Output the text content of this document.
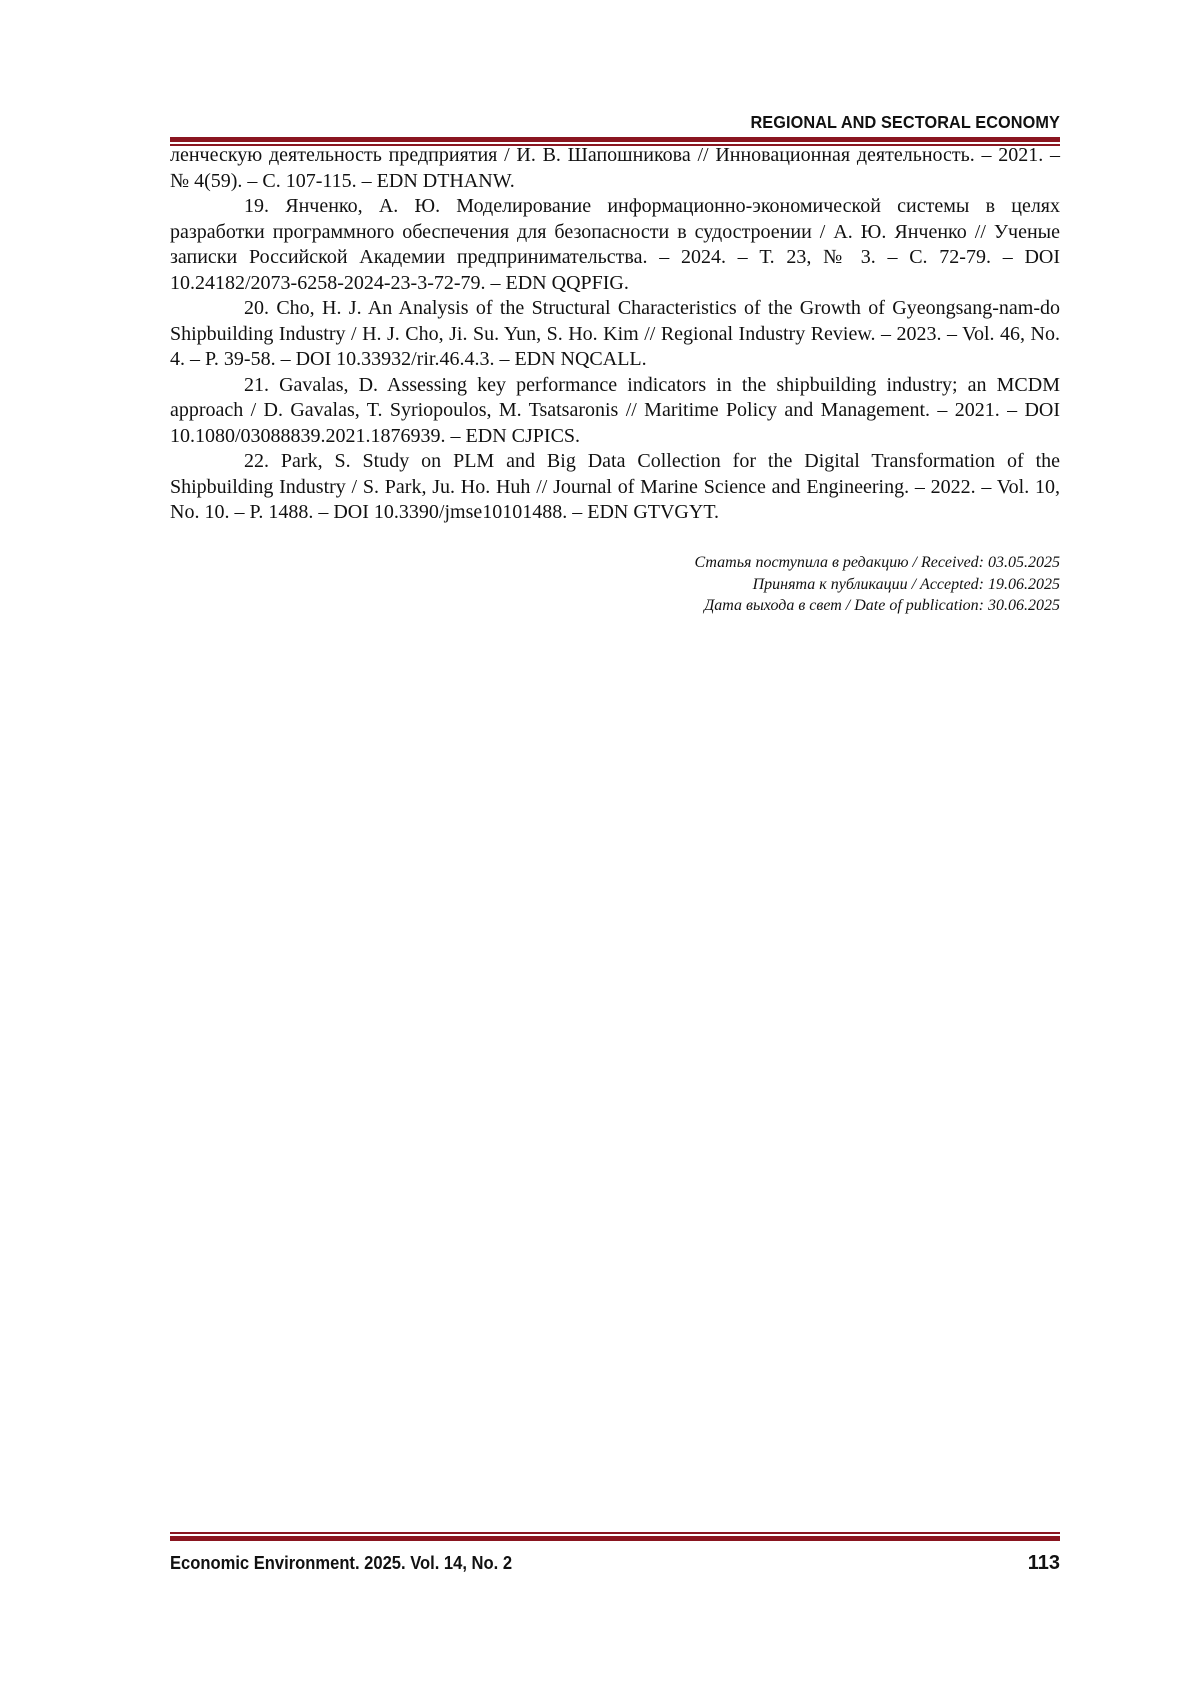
REGIONAL AND SECTORAL ECONOMY

ленческую деятельность предприятия / И. В. Шапошникова // Инновационная деятельность. – 2021. – № 4(59). – С. 107-115. – EDN DTHANW.

19. Янченко, А. Ю. Моделирование информационно-экономической системы в целях разработки программного обеспечения для безопасности в судостроении / А. Ю. Янченко // Ученые записки Российской Академии предпринимательства. – 2024. – Т. 23, № 3. – С. 72-79. – DOI 10.24182/2073-6258-2024-23-3-72-79. – EDN QQPFIG.

20. Cho, H. J. An Analysis of the Structural Characteristics of the Growth of Gyeongsang-nam-do Shipbuilding Industry / H. J. Cho, Ji. Su. Yun, S. Ho. Kim // Regional Industry Review. – 2023. – Vol. 46, No. 4. – P. 39-58. – DOI 10.33932/rir.46.4.3. – EDN NQCALL.

21. Gavalas, D. Assessing key performance indicators in the shipbuilding industry; an MCDM approach / D. Gavalas, T. Syriopoulos, M. Tsatsaronis // Maritime Policy and Management. – 2021. – DOI 10.1080/03088839.2021.1876939. – EDN CJPICS.

22. Park, S. Study on PLM and Big Data Collection for the Digital Transformation of the Shipbuilding Industry / S. Park, Ju. Ho. Huh // Journal of Marine Science and Engineering. – 2022. – Vol. 10, No. 10. – P. 1488. – DOI 10.3390/jmse10101488. – EDN GTVGYT.

Статья поступила в редакцию / Received: 03.05.2025
Принята к публикации / Accepted: 19.06.2025
Дата выхода в свет / Date of publication: 30.06.2025
Economic Environment. 2025. Vol. 14, No. 2	113
